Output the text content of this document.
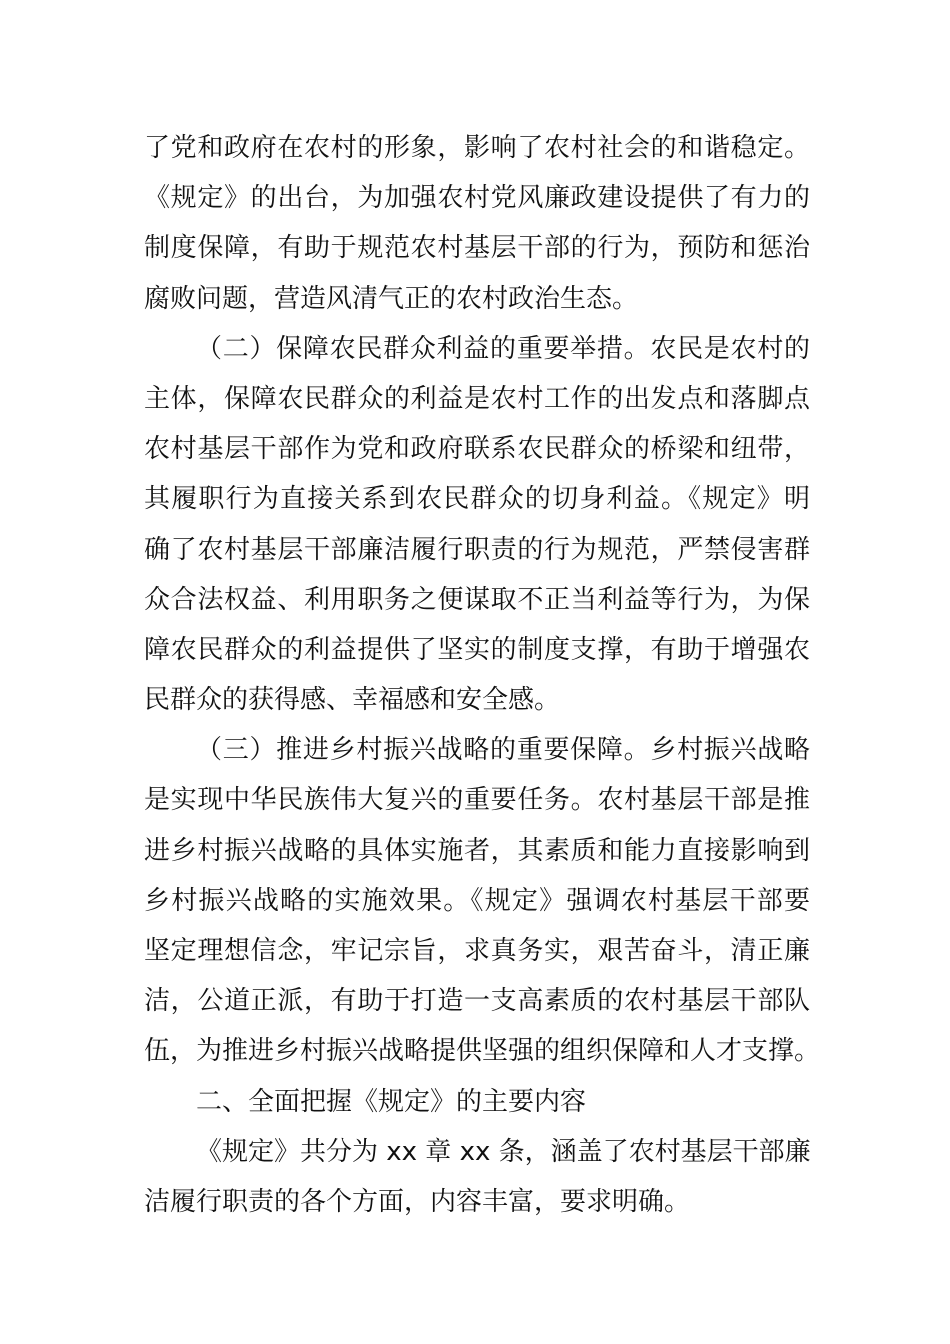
了党和政府在农村的形象，影响了农村社会的和谐稳定。
《规定》的出台，为加强农村党风廉政建设提供了有力的
制度保障，有助于规范农村基层干部的行为，预防和惩治
腐败问题，营造风清气正的农村政治生态。
（二）保障农民群众利益的重要举措。农民是农村的
主体，保障农民群众的利益是农村工作的出发点和落脚点
农村基层干部作为党和政府联系农民群众的桥梁和纽带，
其履职行为直接关系到农民群众的切身利益。《规定》明
确了农村基层干部廉洁履行职责的行为规范，严禁侵害群
众合法权益、利用职务之便谋取不正当利益等行为，为保
障农民群众的利益提供了坚实的制度支撑，有助于增强农
民群众的获得感、幸福感和安全感。
（三）推进乡村振兴战略的重要保障。乡村振兴战略
是实现中华民族伟大复兴的重要任务。农村基层干部是推
进乡村振兴战略的具体实施者，其素质和能力直接影响到
乡村振兴战略的实施效果。《规定》强调农村基层干部要
坚定理想信念，牢记宗旨，求真务实，艰苦奋斗，清正廉
洁，公道正派，有助于打造一支高素质的农村基层干部队
伍，为推进乡村振兴战略提供坚强的组织保障和人才支撑。
二、全面把握《规定》的主要内容
《规定》共分为 xx 章 xx 条，涵盖了农村基层干部廉
洁履行职责的各个方面，内容丰富，要求明确。
